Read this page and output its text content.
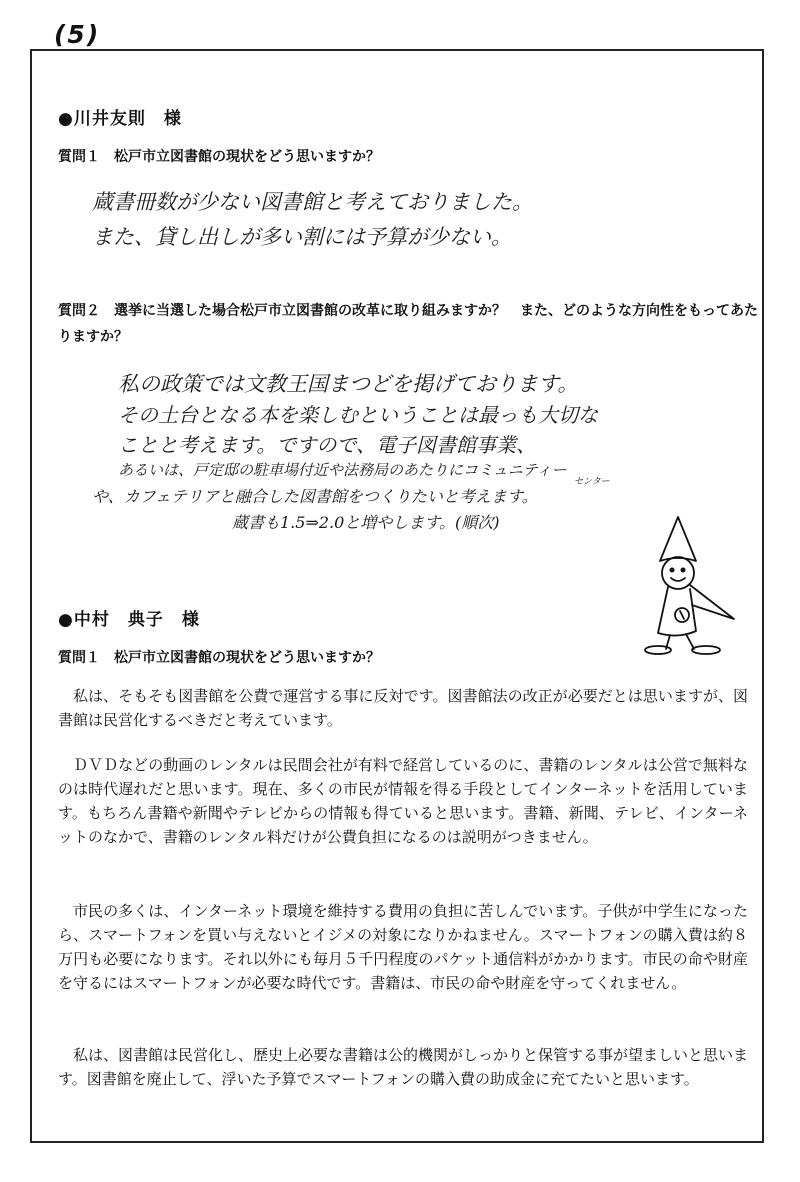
(5)
●川井友則　様
質問１　松戸市立図書館の現状をどう思いますか？
蔵書冊数が少ない図書館と考えておりました。
また、貸し出しが多い割には予算が少ない。
質問２　選挙に当選した場合松戸市立図書館の改革に取り組みますか？　また、どのような方向性をもってあたりますか？
私の政策では文教王国まつどを掲げております。
その土台となる本を楽しむということは最っも大切な
ことと考えます。ですので、電子図書館事業、
あるいは、戸定邸の駐車場付近や法務局のあたりにコミュニティー
センター
や、カフェテリアと融合した図書館をつくりたいと考えます。
蔵書も1.5⇒2.0と増やします。(順次)
●中村　典子　様
質問１　松戸市立図書館の現状をどう思いますか？
私は、そもそも図書館を公費で運営する事に反対です。図書館法の改正が必要だとは思いますが、図書館は民営化するべきだと考えています。
ＤＶＤなどの動画のレンタルは民間会社が有料で経営しているのに、書籍のレンタルは公営で無料なのは時代遅れだと思います。現在、多くの市民が情報を得る手段としてインターネットを活用しています。もちろん書籍や新聞やテレビからの情報も得ていると思います。書籍、新聞、テレビ、インターネットのなかで、書籍のレンタル料だけが公費負担になるのは説明がつきません。
市民の多くは、インターネット環境を維持する費用の負担に苦しんでいます。子供が中学生になったら、スマートフォンを買い与えないとイジメの対象になりかねません。スマートフォンの購入費は約８万円も必要になります。それ以外にも毎月５千円程度のパケット通信料がかかります。市民の命や財産を守るにはスマートフォンが必要な時代です。書籍は、市民の命や財産を守ってくれません。
私は、図書館は民営化し、歴史上必要な書籍は公的機関がしっかりと保管する事が望ましいと思います。図書館を廃止して、浮いた予算でスマートフォンの購入費の助成金に充てたいと思います。
